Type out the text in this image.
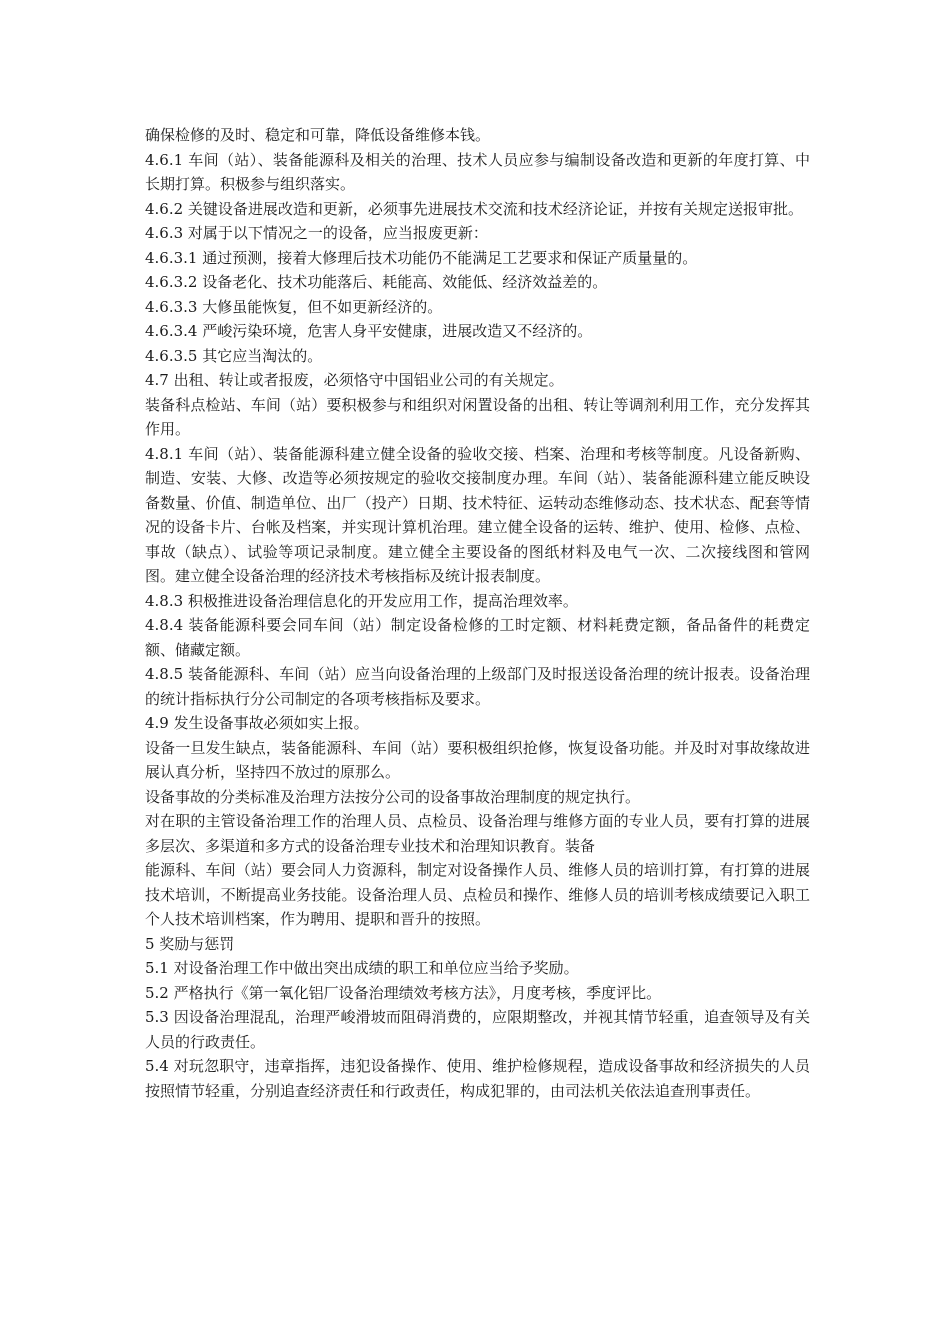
确保检修的及时、稳定和可靠，降低设备维修本钱。

4.6.1 车间（站）、装备能源科及相关的治理、技术人员应参与编制设备改造和更新的年度打算、中长期打算。积极参与组织落实。

4.6.2 关键设备进展改造和更新，必须事先进展技术交流和技术经济论证，并按有关规定送报审批。

4.6.3 对属于以下情况之一的设备，应当报废更新：

4.6.3.1 通过预测，接着大修理后技术功能仍不能满足工艺要求和保证产质量量的。

4.6.3.2 设备老化、技术功能落后、耗能高、效能低、经济效益差的。

4.6.3.3 大修虽能恢复，但不如更新经济的。

4.6.3.4 严峻污染环境，危害人身平安健康，进展改造又不经济的。

4.6.3.5 其它应当淘汰的。

4.7 出租、转让或者报废，必须恪守中国铝业公司的有关规定。

装备科点检站、车间（站）要积极参与和组织对闲置设备的出租、转让等调剂利用工作，充分发挥其作用。

4.8.1 车间（站）、装备能源科建立健全设备的验收交接、档案、治理和考核等制度。凡设备新购、制造、安装、大修、改造等必须按规定的验收交接制度办理。车间（站）、装备能源科建立能反映设备数量、价值、制造单位、出厂（投产）日期、技术特征、运转动态维修动态、技术状态、配套等情况的设备卡片、台帐及档案，并实现计算机治理。建立健全设备的运转、维护、使用、检修、点检、事故（缺点）、试验等项记录制度。建立健全主要设备的图纸材料及电气一次、二次接线图和管网图。建立健全设备治理的经济技术考核指标及统计报表制度。

4.8.3 积极推进设备治理信息化的开发应用工作，提高治理效率。

4.8.4 装备能源科要会同车间（站）制定设备检修的工时定额、材料耗费定额，备品备件的耗费定额、储藏定额。

4.8.5 装备能源科、车间（站）应当向设备治理的上级部门及时报送设备治理的统计报表。设备治理的统计指标执行分公司制定的各项考核指标及要求。

4.9 发生设备事故必须如实上报。

设备一旦发生缺点，装备能源科、车间（站）要积极组织抢修，恢复设备功能。并及时对事故缘故进展认真分析，坚持四不放过的原那么。

设备事故的分类标准及治理方法按分公司的设备事故治理制度的规定执行。

对在职的主管设备治理工作的治理人员、点检员、设备治理与维修方面的专业人员，要有打算的进展多层次、多渠道和多方式的设备治理专业技术和治理知识教育。装备

能源科、车间（站）要会同人力资源科，制定对设备操作人员、维修人员的培训打算，有打算的进展技术培训，不断提高业务技能。设备治理人员、点检员和操作、维修人员的培训考核成绩要记入职工个人技术培训档案，作为聘用、提职和晋升的按照。

5 奖励与惩罚

5.1 对设备治理工作中做出突出成绩的职工和单位应当给予奖励。

5.2 严格执行《第一氧化铝厂设备治理绩效考核方法》，月度考核，季度评比。

5.3 因设备治理混乱，治理严峻滑坡而阻碍消费的，应限期整改，并视其情节轻重，追查领导及有关人员的行政责任。

5.4 对玩忽职守，违章指挥，违犯设备操作、使用、维护检修规程，造成设备事故和经济损失的人员按照情节轻重，分别追查经济责任和行政责任，构成犯罪的，由司法机关依法追查刑事责任。
